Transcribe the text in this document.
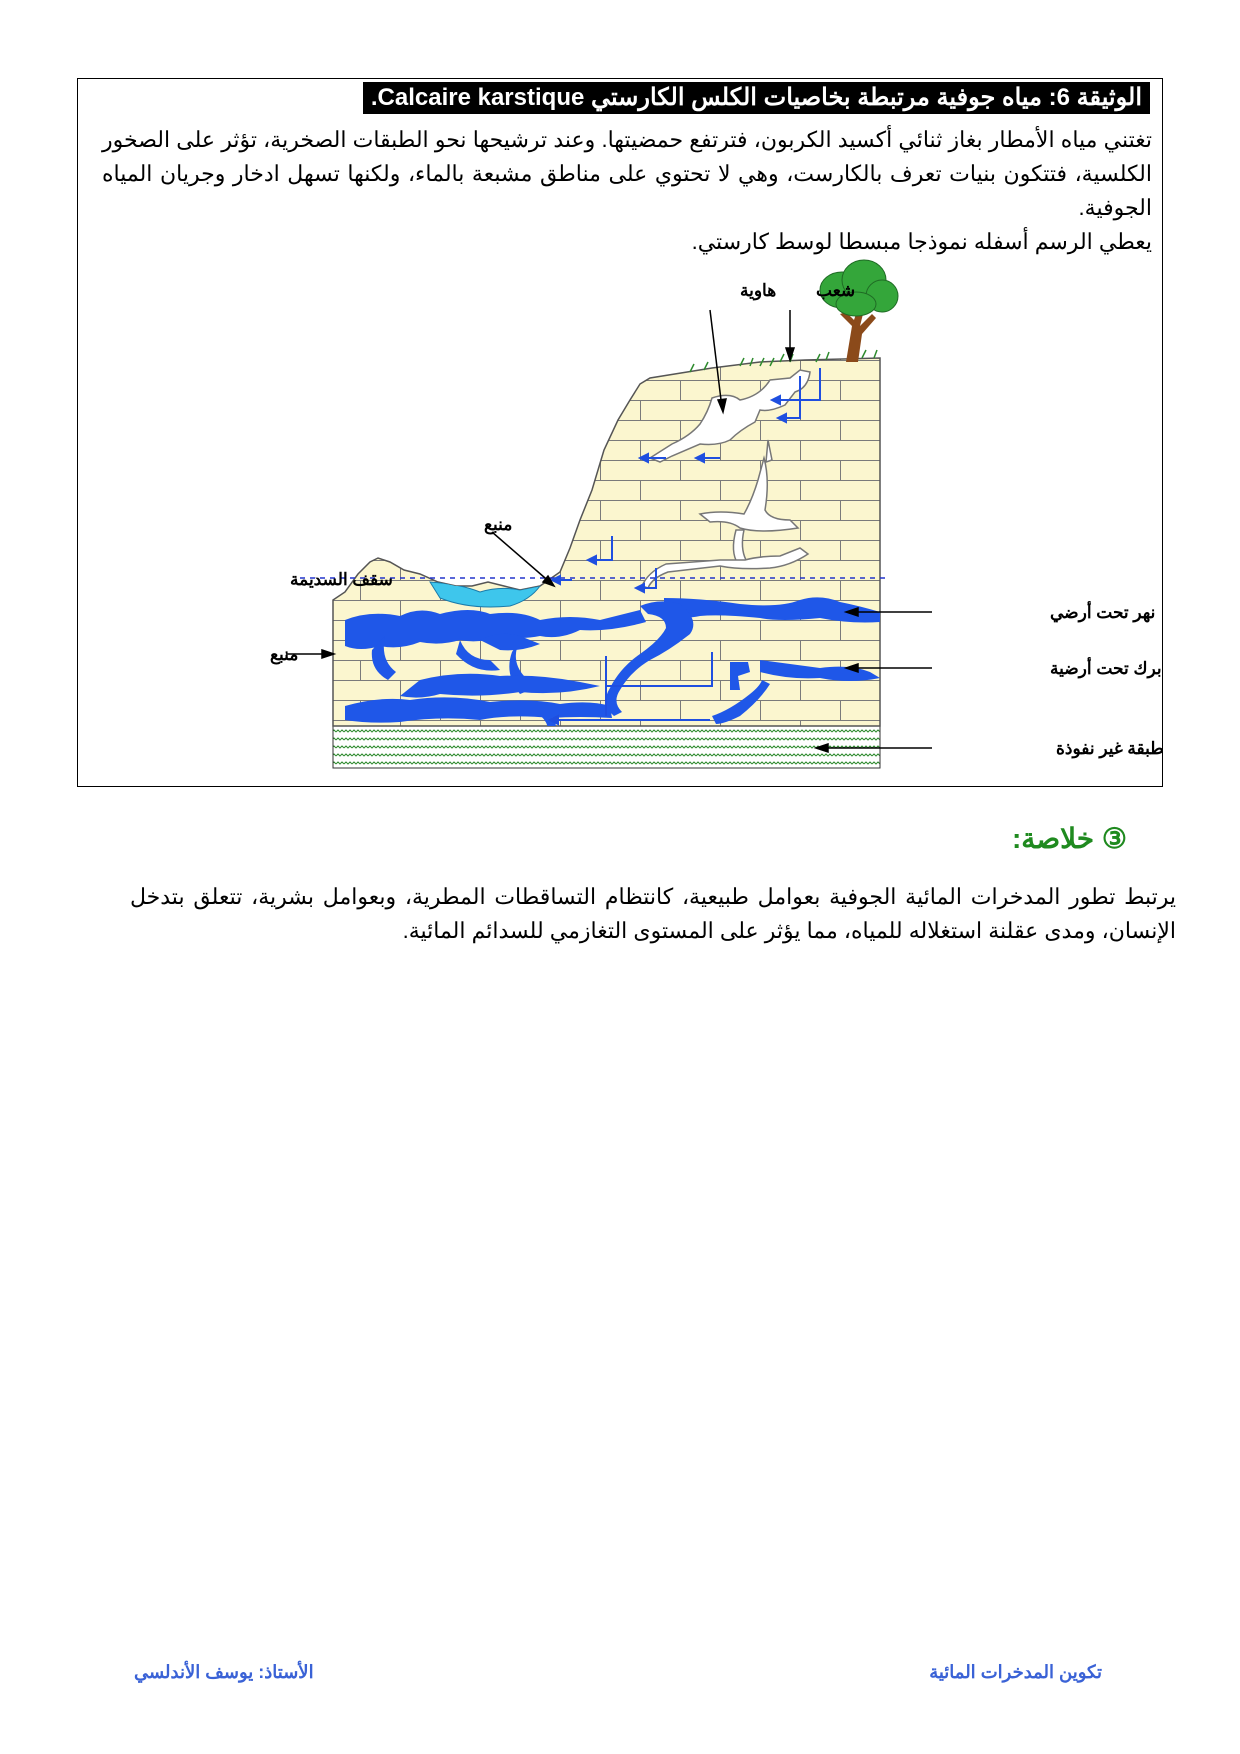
الوثيقة 6: مياه جوفية مرتبطة بخاصيات الكلس الكارستي Calcaire karstique.

تغتني مياه الأمطار بغاز ثنائي أكسيد الكربون، فترتفع حمضيتها. وعند ترشيحها نحو الطبقات الصخرية، تؤثر على الصخور الكلسية، فتتكون بنيات تعرف بالكارست، وهي لا تحتوي على مناطق مشبعة بالماء، ولكنها تسهل ادخار وجريان المياه الجوفية.

يعطي الرسم أسفله نموذجا مبسطا لوسط كارستي.

هاوية شعب
منبع
سقف السديمة
منبع
نهر تحت أرضي
برك تحت أرضية
طبقة غير نفوذة
③ خلاصة:

يرتبط تطور المدخرات المائية الجوفية بعوامل طبيعية، كانتظام التساقطات المطرية، وبعوامل بشرية، تتعلق بتدخل الإنسان، ومدى عقلنة استغلاله للمياه، مما يؤثر على المستوى التغازمي للسدائم المائية.

تكوين المدخرات المائية
الأستاذ: يوسف الأندلسي
